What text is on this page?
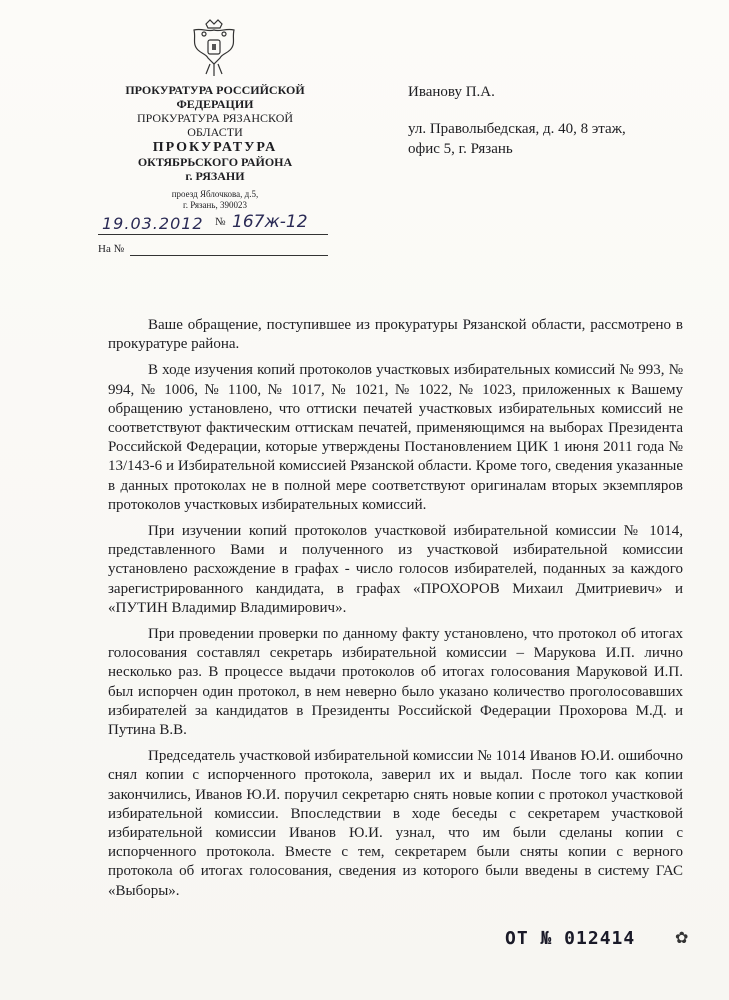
ПРОКУРАТУРА РОССИЙСКОЙ
ФЕДЕРАЦИИ
ПРОКУРАТУРА РЯЗАНСКОЙ
ОБЛАСТИ
ПРОКУРАТУРА
ОКТЯБРЬСКОГО РАЙОНА
г. РЯЗАНИ
проезд Яблочкова, д.5,
г. Рязань, 390023
19.03.2012 № 167ж-12
На №
Иванову П.А.
ул. Праволыбедская, д. 40, 8 этаж,
офис 5, г. Рязань

Ваше обращение, поступившее из прокуратуры Рязанской области, рассмотрено в прокуратуре района.

В ходе изучения копий протоколов участковых избирательных комиссий № 993, № 994, № 1006, № 1100, № 1017, № 1021, № 1022, № 1023, приложенных к Вашему обращению установлено, что оттиски печатей участковых избирательных комиссий не соответствуют фактическим оттискам печатей, применяющимся на выборах Президента Российской Федерации, которые утверждены Постановлением ЦИК 1 июня 2011 года № 13/143-6 и Избирательной комиссией Рязанской области. Кроме того, сведения указанные в данных протоколах не в полной мере соответствуют оригиналам вторых экземпляров протоколов участковых избирательных комиссий.

При изучении копий протоколов участковой избирательной комиссии № 1014, представленного Вами и полученного из участковой избирательной комиссии установлено расхождение в графах - число голосов избирателей, поданных за каждого зарегистрированного кандидата, в графах «ПРОХОРОВ Михаил Дмитриевич» и «ПУТИН Владимир Владимирович».

При проведении проверки по данному факту установлено, что протокол об итогах голосования составлял секретарь избирательной комиссии – Марукова И.П. лично несколько раз. В процессе выдачи протоколов об итогах голосования Маруковой И.П. был испорчен один протокол, в нем неверно было указано количество проголосовавших избирателей за кандидатов в Президенты Российской Федерации Прохорова М.Д. и Путина В.В.

Председатель участковой избирательной комиссии № 1014 Иванов Ю.И. ошибочно снял копии с испорченного протокола, заверил их и выдал. После того как копии закончились, Иванов Ю.И. поручил секретарю снять новые копии с протокол участковой избирательной комиссии. Впоследствии в ходе беседы с секретарем участковой избирательной комиссии Иванов Ю.И. узнал, что им были сделаны копии с испорченного протокола. Вместе с тем, секретарем были сняты копии с верного протокола об итогах голосования, сведения из которого были введены в систему ГАС «Выборы».

ОТ № 012414 ✿
